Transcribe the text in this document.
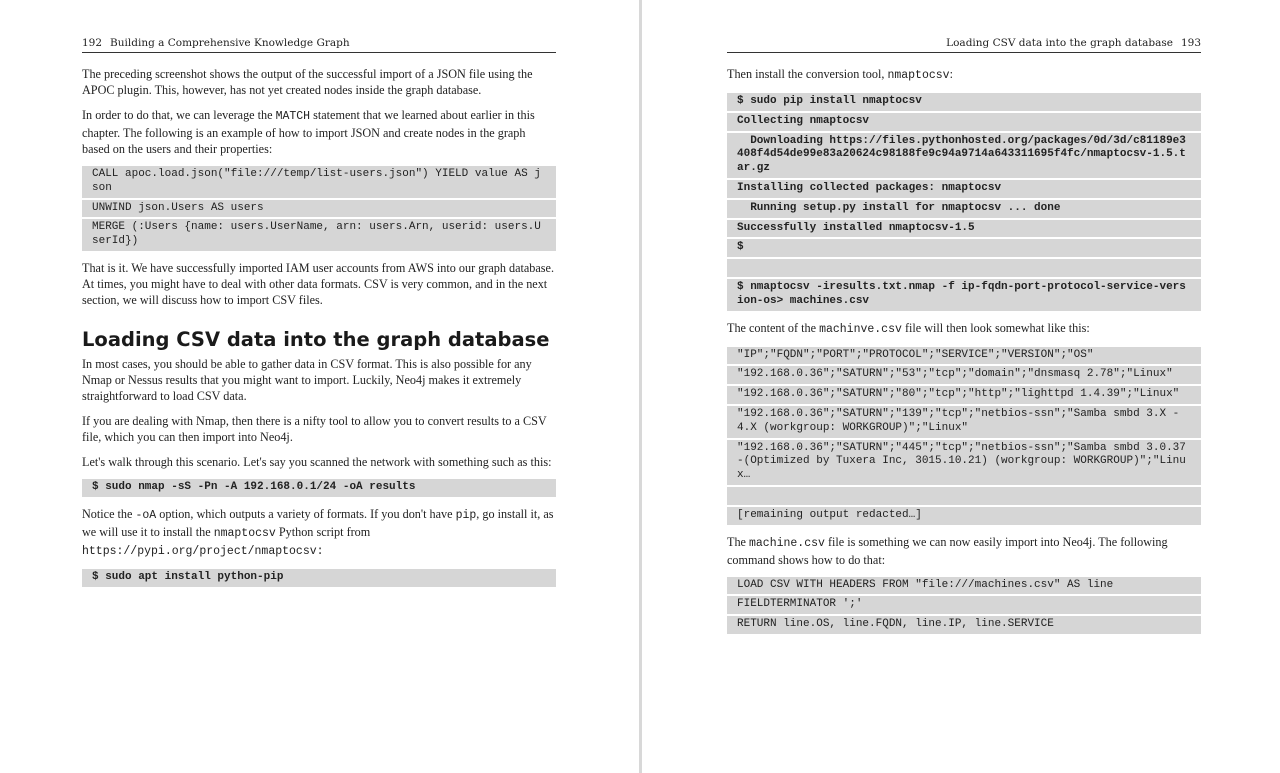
192 Building a Comprehensive Knowledge Graph

The preceding screenshot shows the output of the successful import of a JSON file using the APOC plugin. This, however, has not yet created nodes inside the graph database.

In order to do that, we can leverage the MATCH statement that we learned about earlier in this chapter. The following is an example of how to import JSON and create nodes in the graph based on the users and their properties:

CALL apoc.load.json("file:///temp/list-users.json") YIELD value AS json
UNWIND json.Users AS users
MERGE (:Users {name: users.UserName, arn: users.Arn, userid: users.UserId})

That is it. We have successfully imported IAM user accounts from AWS into our graph database. At times, you might have to deal with other data formats. CSV is very common, and in the next section, we will discuss how to import CSV files.

Loading CSV data into the graph database

In most cases, you should be able to gather data in CSV format. This is also possible for any Nmap or Nessus results that you might want to import. Luckily, Neo4j makes it extremely straightforward to load CSV data.

If you are dealing with Nmap, then there is a nifty tool to allow you to convert results to a CSV file, which you can then import into Neo4j.

Let's walk through this scenario. Let's say you scanned the network with something such as this:

$ sudo nmap -sS -Pn -A 192.168.0.1/24 -oA results

Notice the -oA option, which outputs a variety of formats. If you don't have pip, go install it, as we will use it to install the nmaptocsv Python script from https://pypi.org/project/nmaptocsv:

$ sudo apt install python-pip
Loading CSV data into the graph database 193

Then install the conversion tool, nmaptocsv:

$ sudo pip install nmaptocsv
Collecting nmaptocsv
Downloading https://files.pythonhosted.org/packages/0d/3d/c81189e3408f4d54de99e83a20624c98188fe9c94a9714a643311695f4fc/nmaptocsv-1.5.tar.gz
Installing collected packages: nmaptocsv
Running setup.py install for nmaptocsv ... done
Successfully installed nmaptocsv-1.5
$
$ nmaptocsv -iresults.txt.nmap -f ip-fqdn-port-protocol-service-version-os> machines.csv

The content of the machinve.csv file will then look somewhat like this:

"IP";"FQDN";"PORT";"PROTOCOL";"SERVICE";"VERSION";"OS"
"192.168.0.36";"SATURN";"53";"tcp";"domain";"dnsmasq 2.78";"Linux"
"192.168.0.36";"SATURN";"80";"tcp";"http";"lighttpd 1.4.39";"Linux"
"192.168.0.36";"SATURN";"139";"tcp";"netbios-ssn";"Samba smbd 3.X - 4.X (workgroup: WORKGROUP)";"Linux"
"192.168.0.36";"SATURN";"445";"tcp";"netbios-ssn";"Samba smbd 3.0.37-(Optimized by Tuxera Inc, 3015.10.21) (workgroup: WORKGROUP)";"Linux…
[remaining output redacted…]

The machine.csv file is something we can now easily import into Neo4j. The following command shows how to do that:

LOAD CSV WITH HEADERS FROM "file:///machines.csv" AS line
FIELDTERMINATOR ';'
RETURN line.OS, line.FQDN, line.IP, line.SERVICE
